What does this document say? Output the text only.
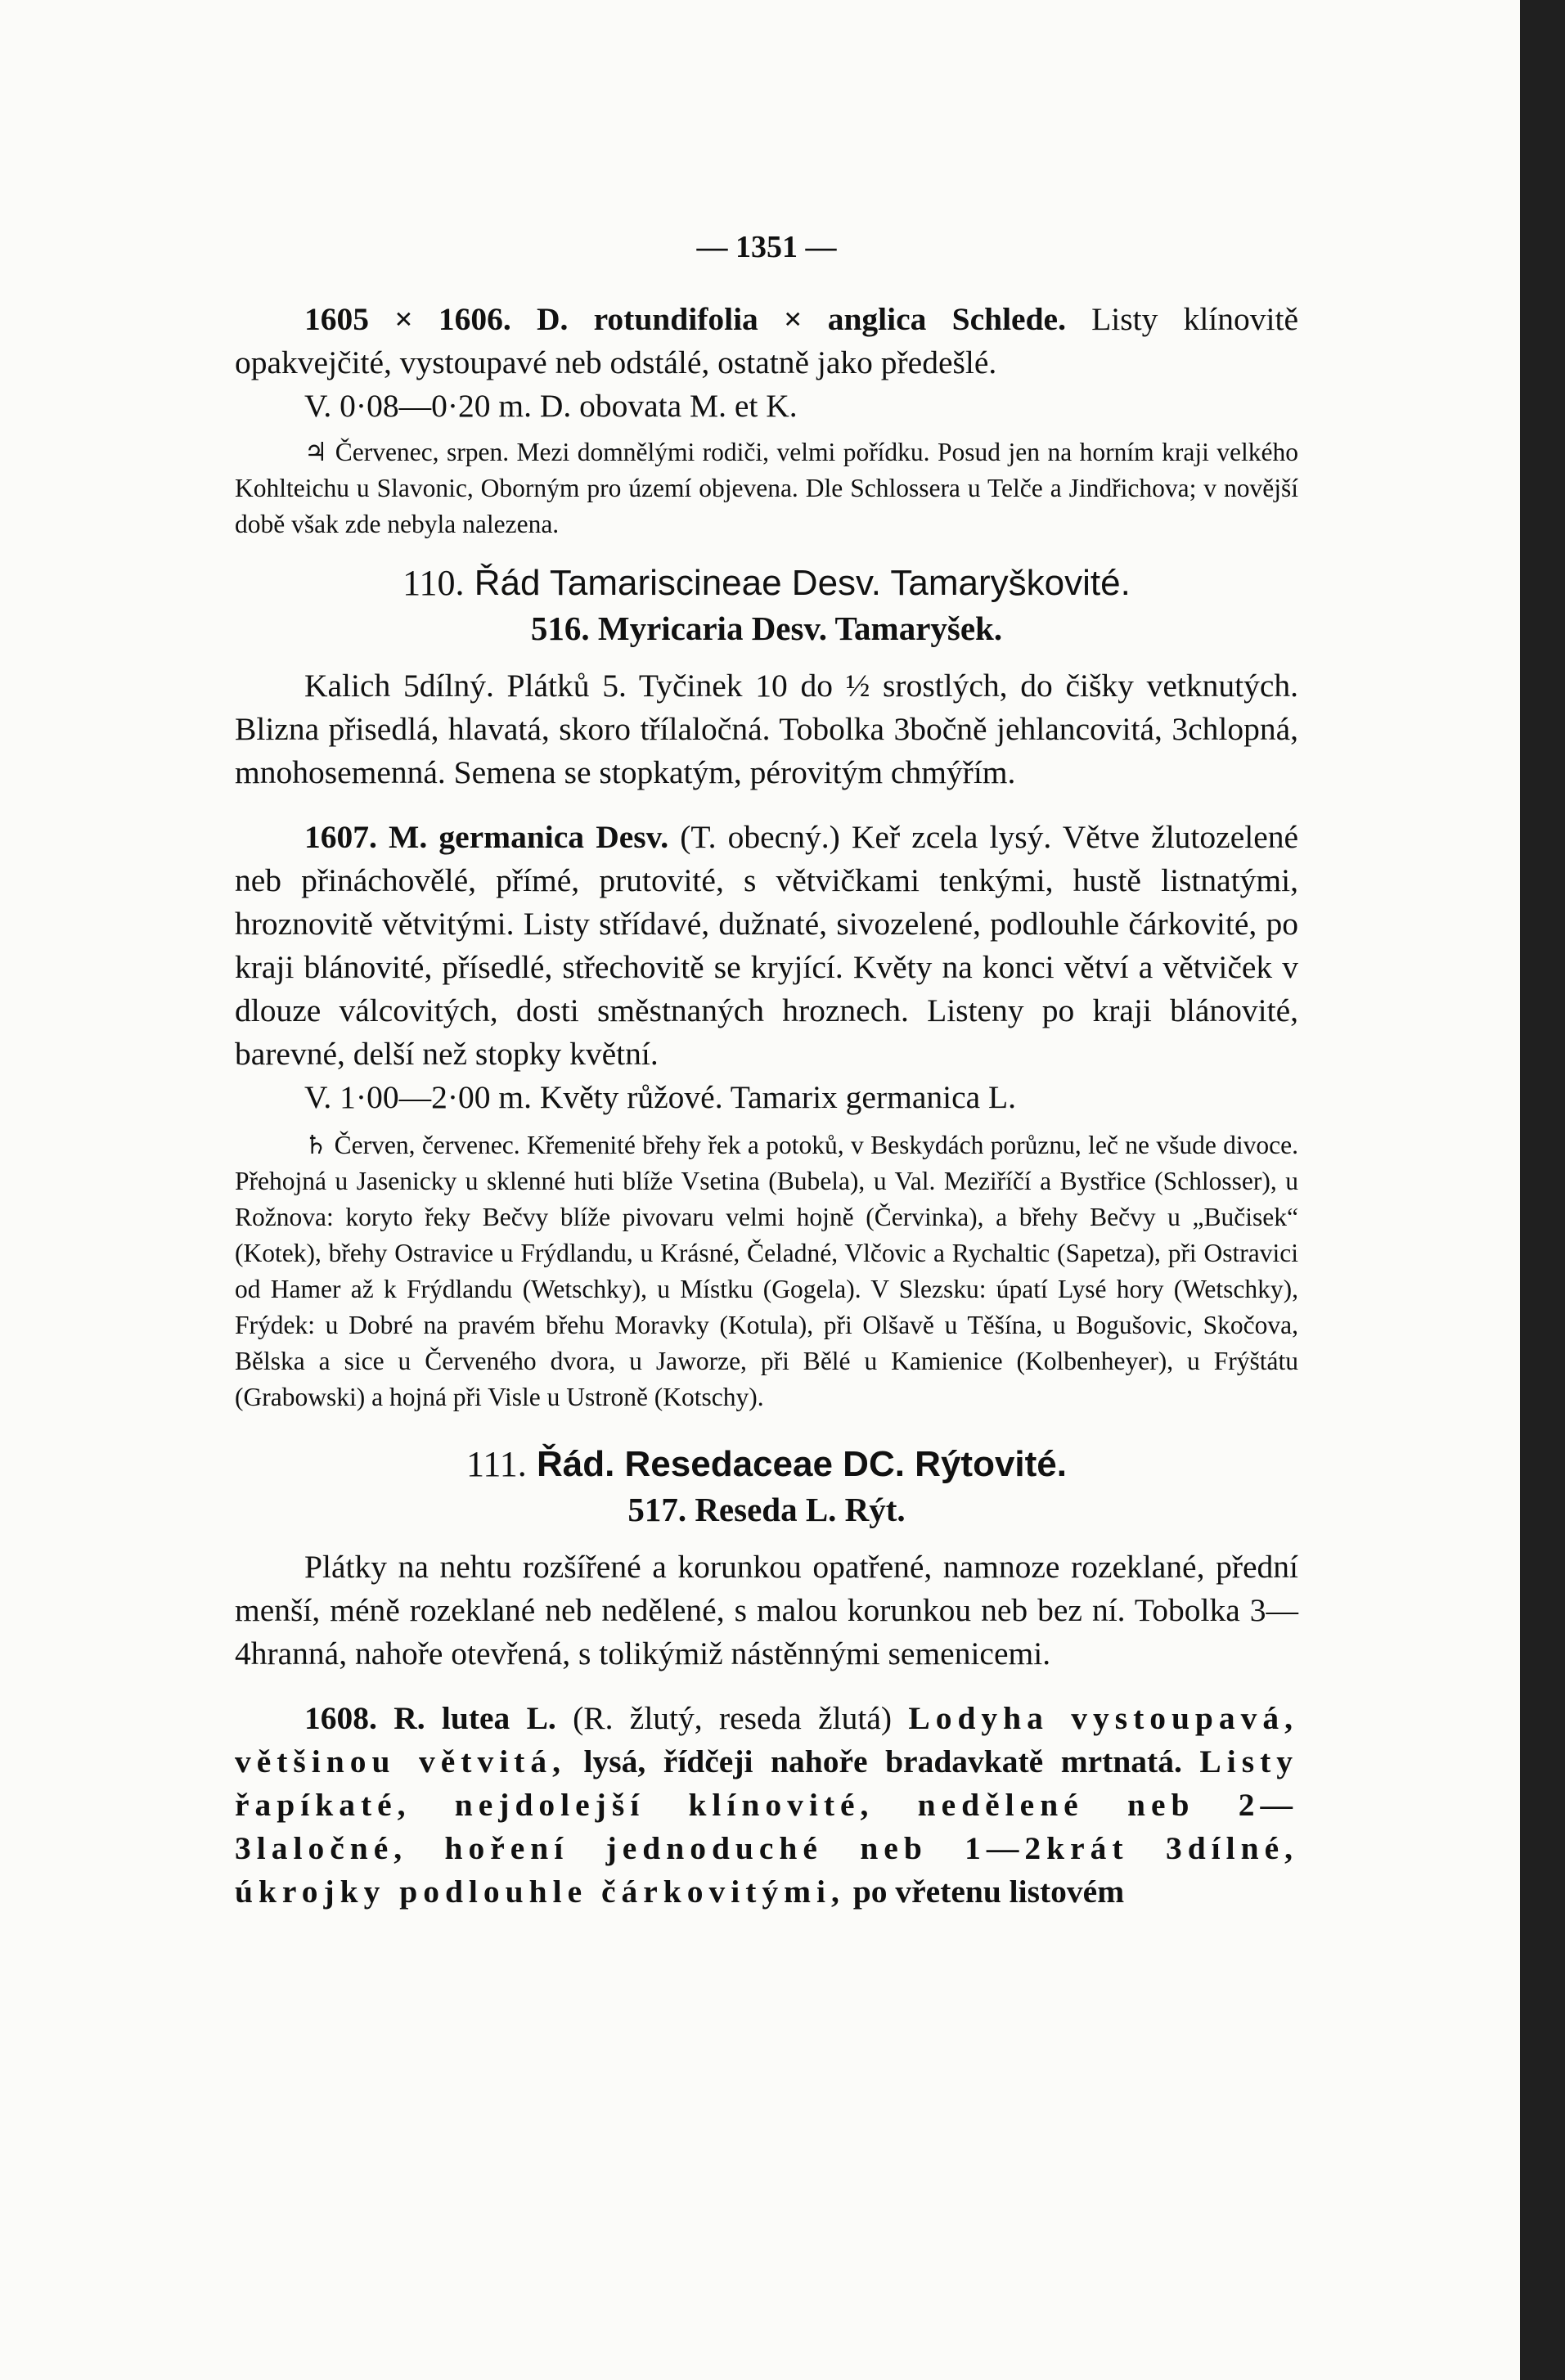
— 1351 —

1605 × 1606. D. rotundifolia × anglica Schlede. Listy klínovitě opakvejčité, vystoupavé neb odstálé, ostatně jako předešlé.

V. 0·08—0·20 m. D. obovata M. et K.

♃ Červenec, srpen. Mezi domnělými rodiči, velmi pořídku. Posud jen na horním kraji velkého Kohlteichu u Slavonic, Oborným pro území objevena. Dle Schlossera u Telče a Jindřichova; v novější době však zde nebyla nalezena.

110. Řád Tamariscineae Desv. Tamaryškovité.
516. Myricaria Desv. Tamaryšek.

Kalich 5dílný. Plátků 5. Tyčinek 10 do ½ srostlých, do čišky vetknutých. Blizna přisedlá, hlavatá, skoro třílaločná. Tobolka 3bočně jehlancovitá, 3chlopná, mnohosemenná. Semena se stopkatým, pérovitým chmýřím.

1607. M. germanica Desv. (T. obecný.) Keř zcela lysý. Větve žlutozelené neb přináchovělé, přímé, prutovité, s větvičkami tenkými, hustě listnatými, hroznovitě větvitými. Listy střídavé, dužnaté, sivozelené, podlouhle čárkovité, po kraji blánovité, přísedlé, střechovitě se kryjící. Květy na konci větví a větviček v dlouze válcovitých, dosti směstnaných hroznech. Listeny po kraji blánovité, barevné, delší než stopky květní.

V. 1·00—2·00 m. Květy růžové. Tamarix germanica L.

♄ Červen, červenec. Křemenité břehy řek a potoků, v Beskydách porůznu, leč ne všude divoce. Přehojná u Jasenicky u sklenné huti blíže Vsetina (Bubela), u Val. Meziříčí a Bystřice (Schlosser), u Rožnova: koryto řeky Bečvy blíže pivovaru velmi hojně (Červinka), a břehy Bečvy u „Bučisek“ (Kotek), břehy Ostravice u Frýdlandu, u Krásné, Čeladné, Vlčovic a Rychaltic (Sapetza), při Ostravici od Hamer až k Frýdlandu (Wetschky), u Místku (Gogela). V Slezsku: úpatí Lysé hory (Wetschky), Frýdek: u Dobré na pravém břehu Moravky (Kotula), při Olšavě u Těšína, u Bogušovic, Skočova, Bělska a sice u Červeného dvora, u Jaworze, při Bělé u Kamienice (Kolbenheyer), u Frýštátu (Grabowski) a hojná při Visle u Ustroně (Kotschy).

111. Řád. Resedaceae DC. Rýtovité.
517. Reseda L. Rýt.

Plátky na nehtu rozšířené a korunkou opatřené, namnoze rozeklané, přední menší, méně rozeklané neb nedělené, s malou korunkou neb bez ní. Tobolka 3—4hranná, nahoře otevřená, s tolikýmiž nástěnnými semenicemi.

1608. R. lutea L. (R. žlutý, reseda žlutá) Lodyha vystoupavá, většinou větvitá, lysá, řídčeji nahoře bradavkatě mrtnatá. Listy řapíkaté, nejdolejší klínovité, nedělené neb 2—3laločné, hoření jednoduché neb 1—2krát 3dílné, úkrojky podlouhle čárkovitými, po vřetenu listovém
